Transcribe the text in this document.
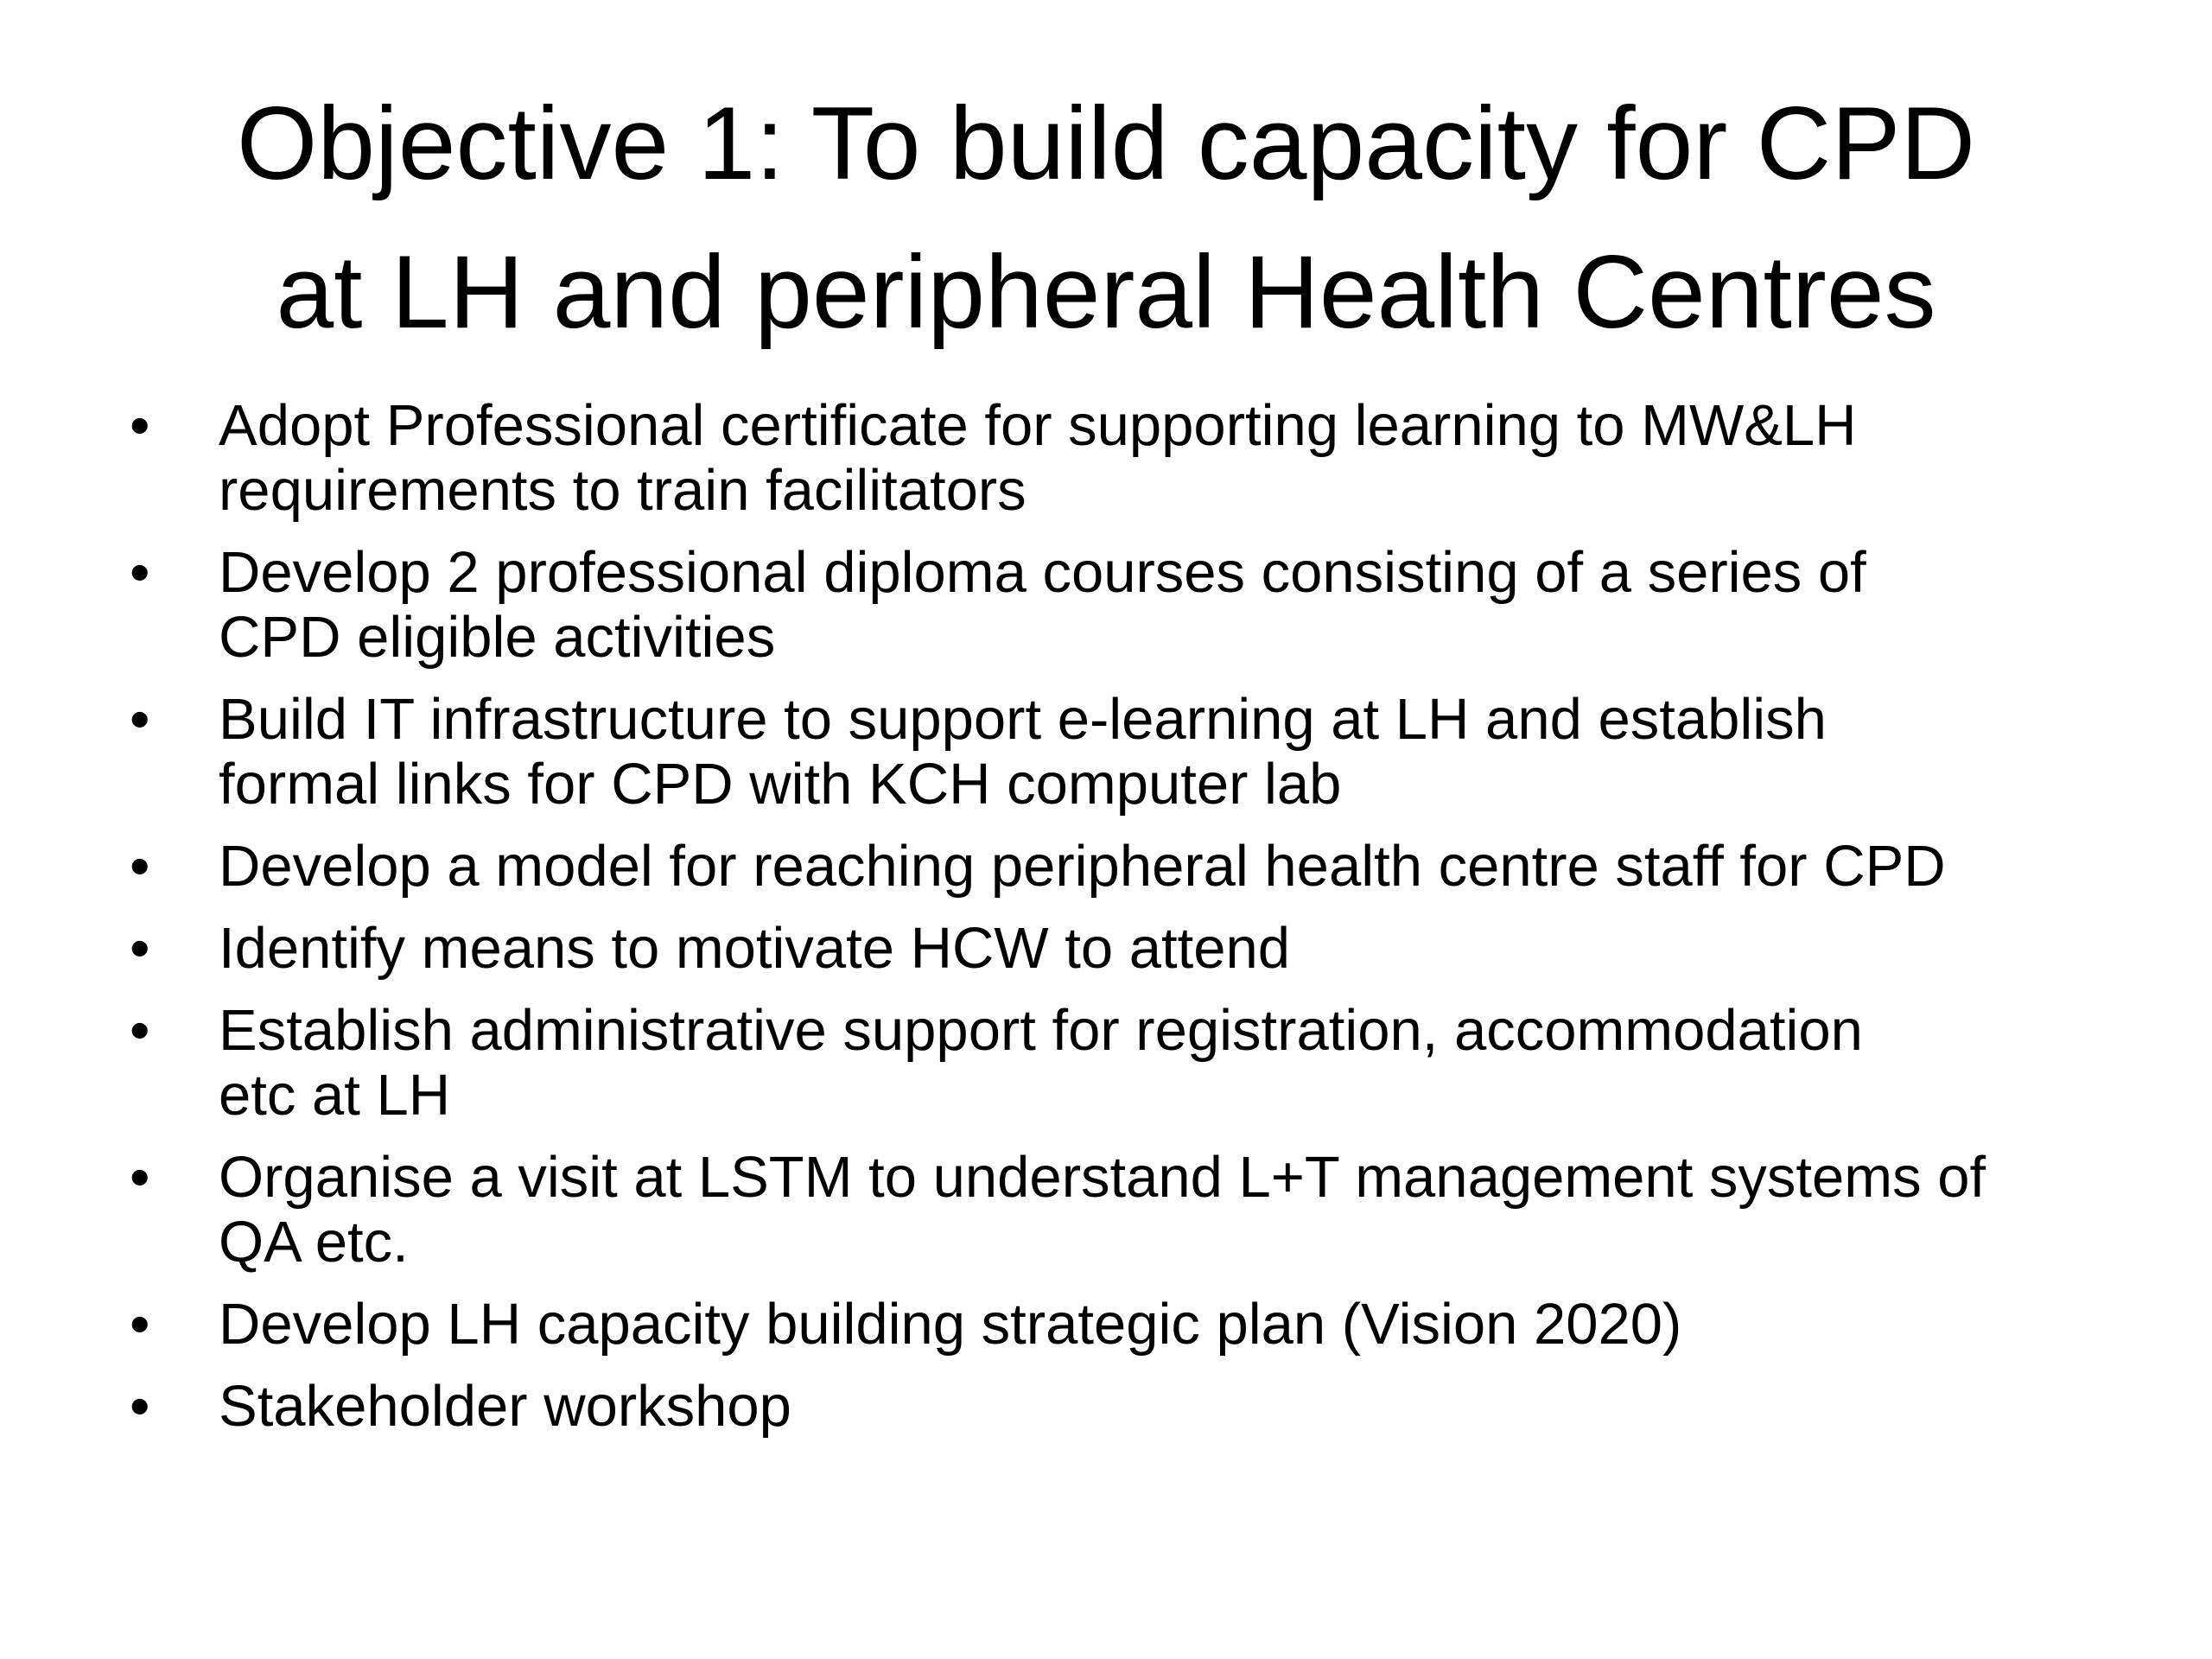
Objective 1: To build capacity for CPD
at LH and peripheral Health Centres
• Adopt Professional certificate for supporting learning to MW&LH
requirements to train facilitators
• Develop 2 professional diploma courses consisting of a series of
CPD eligible activities
• Build IT infrastructure to support e-learning at LH and establish
formal links for CPD with KCH computer lab
• Develop a model for reaching peripheral health centre staff for CPD
• Identify means to motivate HCW to attend
• Establish administrative support for registration, accommodation
etc at LH
• Organise a visit at LSTM to understand L+T management systems of
QA etc.
• Develop LH capacity building strategic plan (Vision 2020)
• Stakeholder workshop
